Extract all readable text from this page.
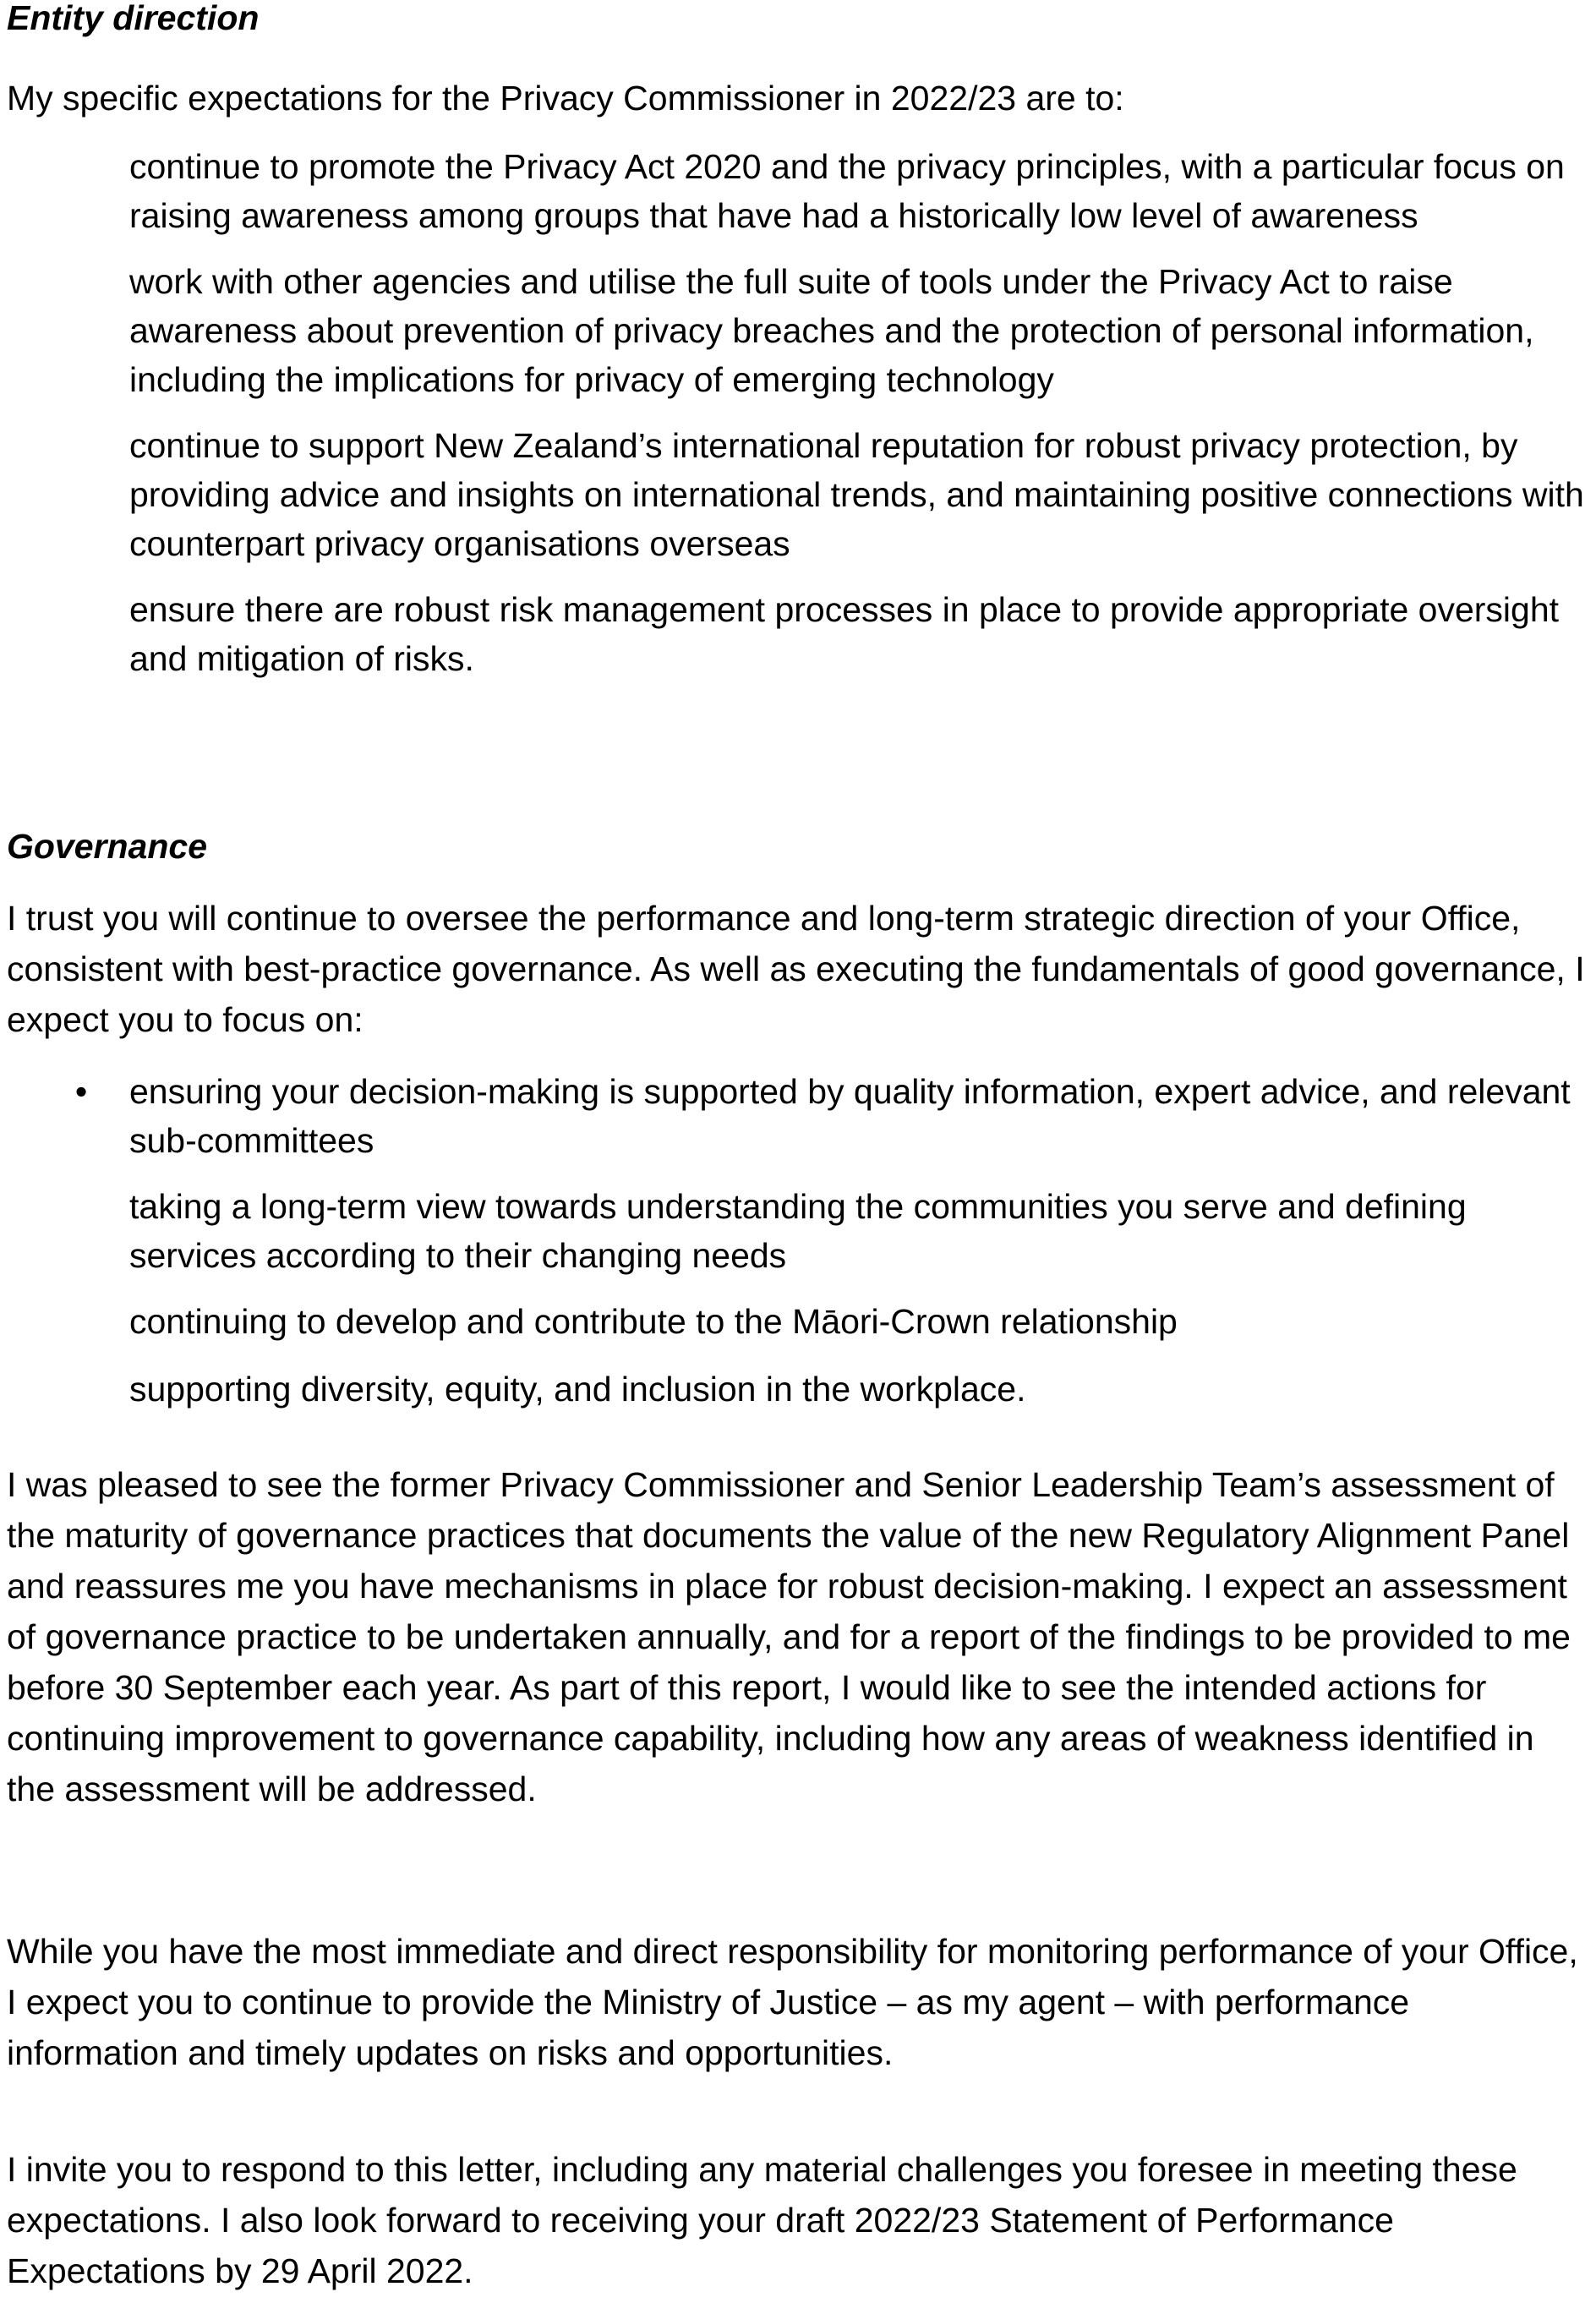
Entity direction

My specific expectations for the Privacy Commissioner in 2022/23 are to:

continue to promote the Privacy Act 2020 and the privacy principles, with a particular focus on raising awareness among groups that have had a historically low level of awareness
work with other agencies and utilise the full suite of tools under the Privacy Act to raise awareness about prevention of privacy breaches and the protection of personal information, including the implications for privacy of emerging technology
continue to support New Zealand’s international reputation for robust privacy protection, by providing advice and insights on international trends, and maintaining positive connections with counterpart privacy organisations overseas
ensure there are robust risk management processes in place to provide appropriate oversight and mitigation of risks.
Governance

I trust you will continue to oversee the performance and long-term strategic direction of your Office, consistent with best-practice governance. As well as executing the fundamentals of good governance, I expect you to focus on:

•	ensuring your decision-making is supported by quality information, expert advice, and relevant sub-committees
taking a long-term view towards understanding the communities you serve and defining services according to their changing needs
continuing to develop and contribute to the Māori-Crown relationship
supporting diversity, equity, and inclusion in the workplace.

I was pleased to see the former Privacy Commissioner and Senior Leadership Team’s assessment of the maturity of governance practices that documents the value of the new Regulatory Alignment Panel and reassures me you have mechanisms in place for robust decision-making. I expect an assessment of governance practice to be undertaken annually, and for a report of the findings to be provided to me before 30 September each year. As part of this report, I would like to see the intended actions for continuing improvement to governance capability, including how any areas of weakness identified in the assessment will be addressed.

While you have the most immediate and direct responsibility for monitoring performance of your Office, I expect you to continue to provide the Ministry of Justice – as my agent – with performance information and timely updates on risks and opportunities.

I invite you to respond to this letter, including any material challenges you foresee in meeting these expectations. I also look forward to receiving your draft 2022/23 Statement of Performance Expectations by 29 April 2022.
